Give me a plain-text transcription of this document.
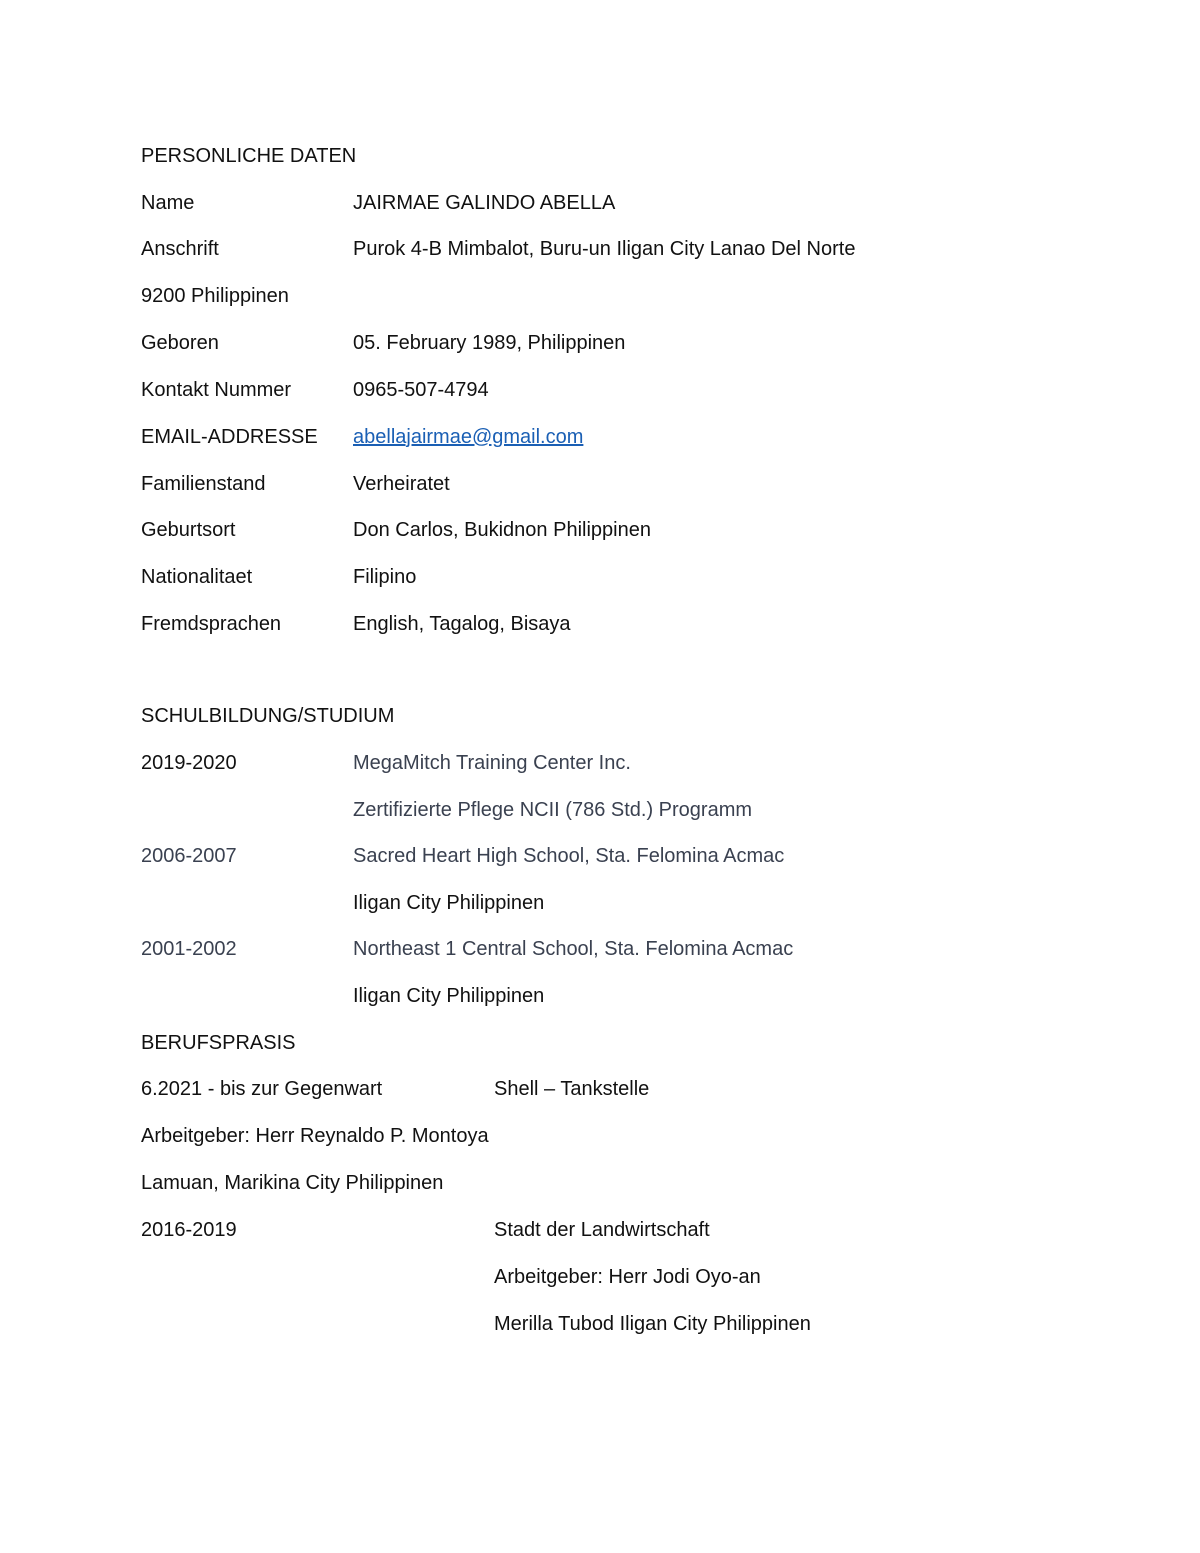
PERSONLICHE DATEN
Name	JAIRMAE GALINDO ABELLA
Anschrift	Purok 4-B Mimbalot, Buru-un Iligan City Lanao Del Norte
9200 Philippinen
Geboren	05. February 1989, Philippinen
Kontakt Nummer	0965-507-4794
EMAIL-ADDRESSE abellajairmae@gmail.com
Familienstand	Verheiratet
Geburtsort	Don Carlos, Bukidnon Philippinen
Nationalitaet	Filipino
Fremdsprachen	English, Tagalog, Bisaya
SCHULBILDUNG/STUDIUM
2019-2020	MegaMitch Training Center Inc.
Zertifizierte Pflege NCII (786 Std.) Programm
2006-2007	Sacred Heart High School, Sta. Felomina Acmac
Iligan City Philippinen
2001-2002	Northeast 1 Central School, Sta. Felomina Acmac
Iligan City Philippinen
BERUFSPRASIS
6.2021 - bis zur Gegenwart	Shell – Tankstelle
Arbeitgeber: Herr Reynaldo P. Montoya
Lamuan, Marikina City Philippinen
2016-2019	Stadt der Landwirtschaft
Arbeitgeber: Herr Jodi Oyo-an
Merilla Tubod Iligan City Philippinen
